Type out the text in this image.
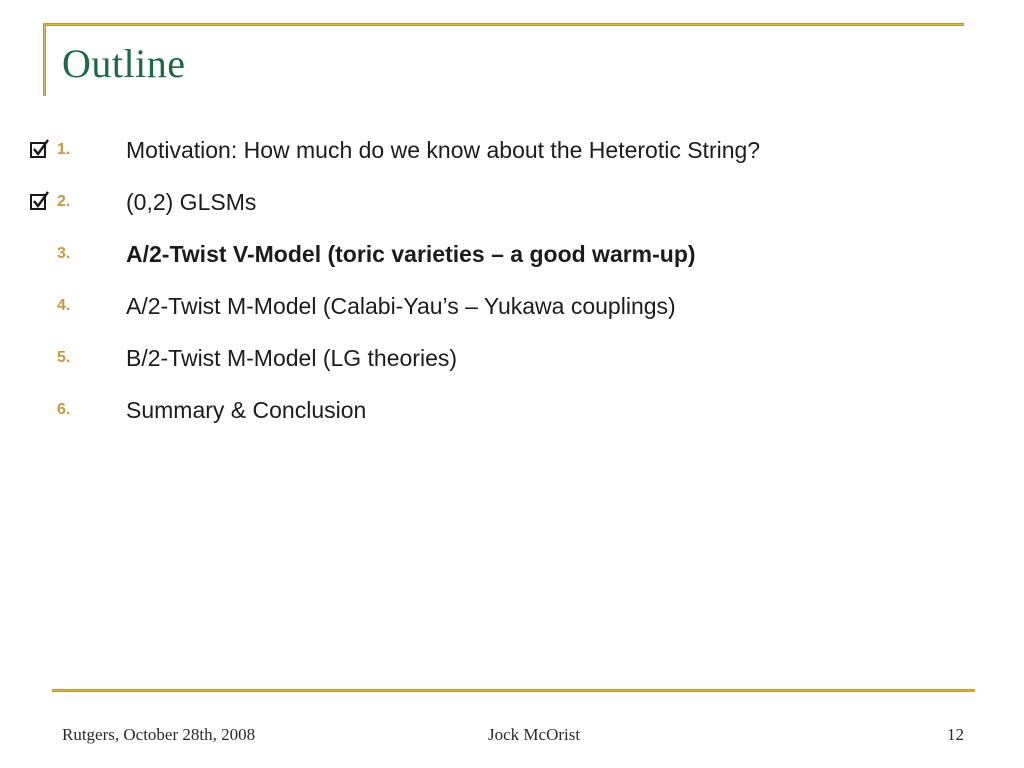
Outline
1. Motivation: How much do we know about the Heterotic String?
2. (0,2) GLSMs
3. A/2-Twist V-Model (toric varieties – a good warm-up)
4. A/2-Twist M-Model (Calabi-Yau’s – Yukawa couplings)
5. B/2-Twist M-Model (LG theories)
6. Summary & Conclusion
Rutgers, October 28th, 2008	Jock McOrist	12
